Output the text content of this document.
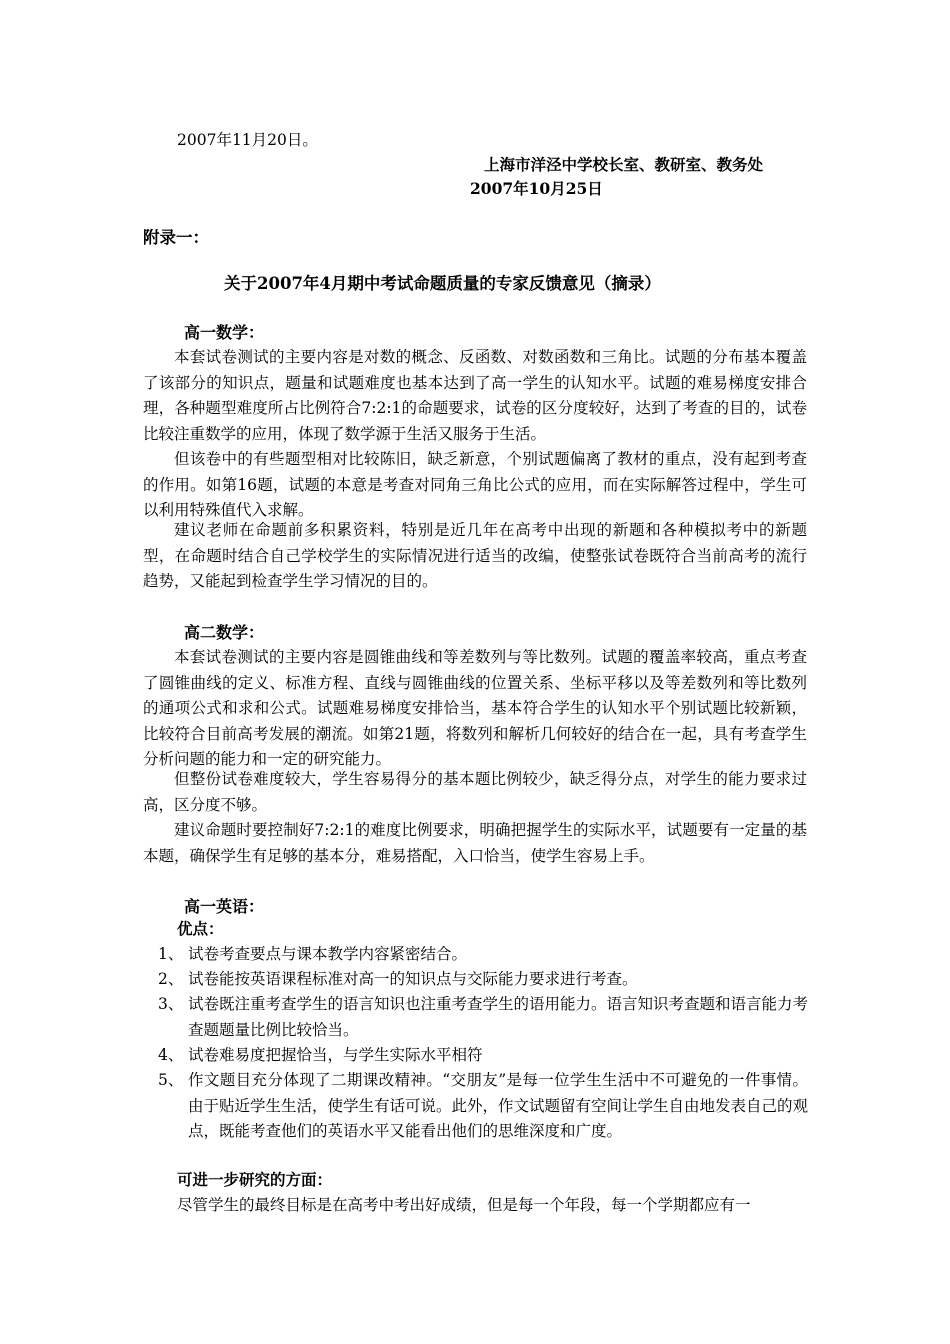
2007年11月20日。
上海市洋泾中学校长室、教研室、教务处
2007年10月25日
附录一：
关于2007年4月期中考试命题质量的专家反馈意见（摘录）
高一数学：
本套试卷测试的主要内容是对数的概念、反函数、对数函数和三角比。试题的分布基本覆盖了该部分的知识点，题量和试题难度也基本达到了高一学生的认知水平。试题的难易梯度安排合理，各种题型难度所占比例符合7:2:1的命题要求，试卷的区分度较好，达到了考查的目的，试卷比较注重数学的应用，体现了数学源于生活又服务于生活。
但该卷中的有些题型相对比较陈旧，缺乏新意，个别试题偏离了教材的重点，没有起到考查的作用。如第16题，试题的本意是考查对同角三角比公式的应用，而在实际解答过程中，学生可以利用特殊值代入求解。
建议老师在命题前多积累资料，特别是近几年在高考中出现的新题和各种模拟考中的新题型，在命题时结合自己学校学生的实际情况进行适当的改编，使整张试卷既符合当前高考的流行趋势，又能起到检查学生学习情况的目的。
高二数学：
本套试卷测试的主要内容是圆锥曲线和等差数列与等比数列。试题的覆盖率较高，重点考查了圆锥曲线的定义、标准方程、直线与圆锥曲线的位置关系、坐标平移以及等差数列和等比数列的通项公式和求和公式。试题难易梯度安排恰当，基本符合学生的认知水平个别试题比较新颖，比较符合目前高考发展的潮流。如第21题，将数列和解析几何较好的结合在一起，具有考查学生分析问题的能力和一定的研究能力。
但整份试卷难度较大，学生容易得分的基本题比例较少，缺乏得分点，对学生的能力要求过高，区分度不够。
建议命题时要控制好7:2:1的难度比例要求，明确把握学生的实际水平，试题要有一定量的基本题，确保学生有足够的基本分，难易搭配，入口恰当，使学生容易上手。
高一英语：
优点：
1、 试卷考查要点与课本教学内容紧密结合。
2、 试卷能按英语课程标准对高一的知识点与交际能力要求进行考查。
3、 试卷既注重考查学生的语言知识也注重考查学生的语用能力。语言知识考查题和语言能力考查题题量比例比较恰当。
4、 试卷难易度把握恰当，与学生实际水平相符
5、 作文题目充分体现了二期课改精神。“交朋友”是每一位学生生活中不可避免的一件事情。由于贴近学生生活，使学生有话可说。此外，作文试题留有空间让学生自由地发表自己的观点，既能考查他们的英语水平又能看出他们的思维深度和广度。
可进一步研究的方面：
尽管学生的最终目标是在高考中考出好成绩，但是每一个年段，每一个学期都应有一
